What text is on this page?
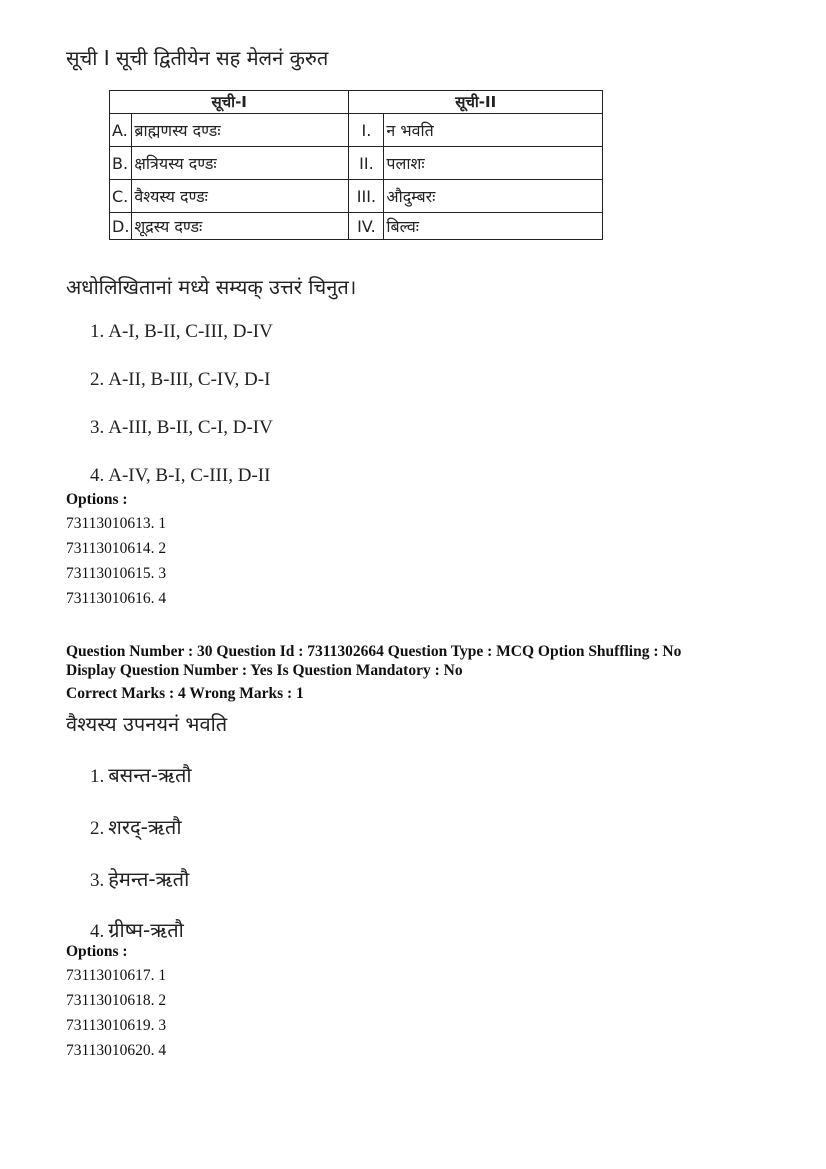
सूची I सूची द्वितीयेन सह मेलनं कुरुत
सूची-I		सूची-II	
A.	ब्राह्मणस्य दण्डः	I.	न भवति
B.	क्षत्रियस्य दण्डः	II.	पलाशः
C.	वैश्यस्य दण्डः	III.	औदुम्बरः
D.	शूद्रस्य दण्डः	IV.	बिल्वः
अधोलिखितानां मध्ये सम्यक् उत्तरं चिनुत।
1. A-I, B-II, C-III, D-IV
2. A-II, B-III, C-IV, D-I
3. A-III, B-II, C-I, D-IV
4. A-IV, B-I, C-III, D-II
Options :
73113010613. 1
73113010614. 2
73113010615. 3
73113010616. 4
Question Number : 30 Question Id : 7311302664 Question Type : MCQ Option Shuffling : No
Display Question Number : Yes Is Question Mandatory : No
Correct Marks : 4 Wrong Marks : 1
वैश्यस्य उपनयनं भवति
1. बसन्त-ऋतौ
2. शरद्-ऋतौ
3. हेमन्त-ऋतौ
4. ग्रीष्म-ऋतौ
Options :
73113010617. 1
73113010618. 2
73113010619. 3
73113010620. 4
